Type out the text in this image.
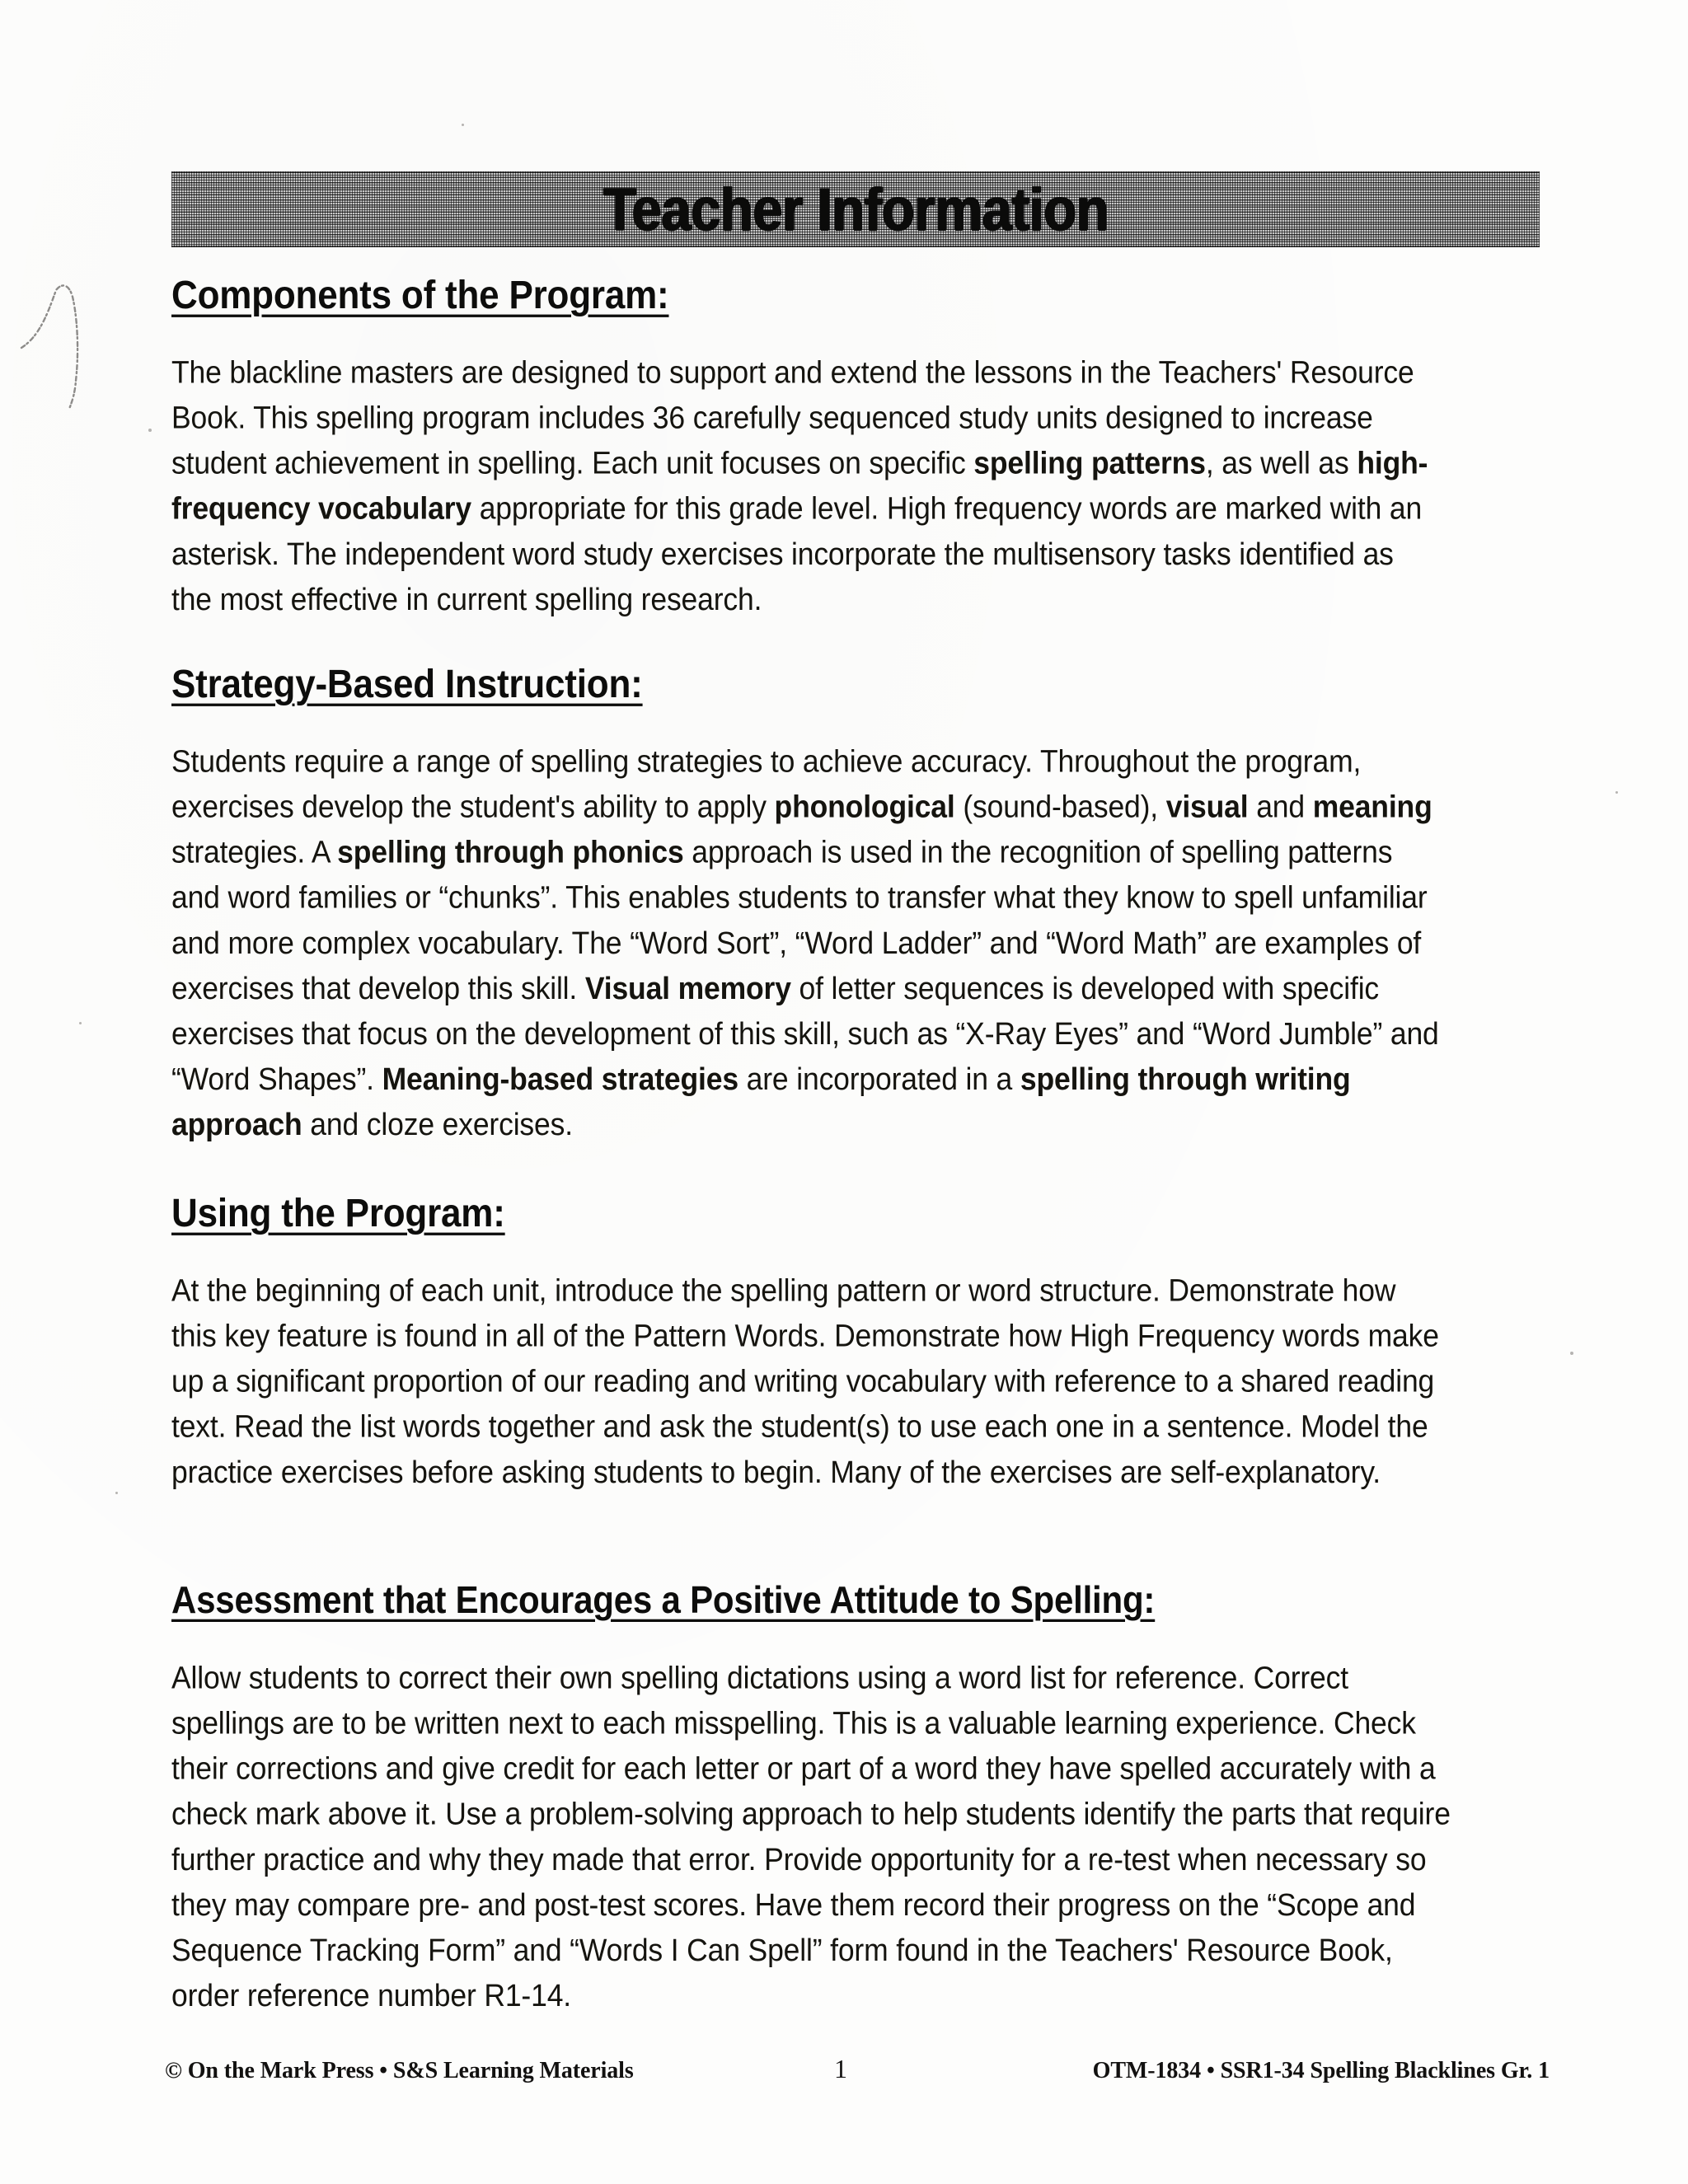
Teacher Information
Components of the Program:

The blackline masters are designed to support and extend the lessons in the Teachers' Resource Book. This spelling program includes 36 carefully sequenced study units designed to increase student achievement in spelling. Each unit focuses on specific spelling patterns, as well as high-frequency vocabulary appropriate for this grade level. High frequency words are marked with an asterisk. The independent word study exercises incorporate the multisensory tasks identified as the most effective in current spelling research.

Strategy-Based Instruction:

Students require a range of spelling strategies to achieve accuracy. Throughout the program, exercises develop the student's ability to apply phonological (sound-based), visual and meaning strategies. A spelling through phonics approach is used in the recognition of spelling patterns and word families or “chunks”. This enables students to transfer what they know to spell unfamiliar and more complex vocabulary. The “Word Sort”, “Word Ladder” and “Word Math” are examples of exercises that develop this skill. Visual memory of letter sequences is developed with specific exercises that focus on the development of this skill, such as “X-Ray Eyes” and “Word Jumble” and “Word Shapes”. Meaning-based strategies are incorporated in a spelling through writing approach and cloze exercises.

Using the Program:

At the beginning of each unit, introduce the spelling pattern or word structure. Demonstrate how this key feature is found in all of the Pattern Words. Demonstrate how High Frequency words make up a significant proportion of our reading and writing vocabulary with reference to a shared reading text. Read the list words together and ask the student(s) to use each one in a sentence. Model the practice exercises before asking students to begin. Many of the exercises are self-explanatory.

Assessment that Encourages a Positive Attitude to Spelling:

Allow students to correct their own spelling dictations using a word list for reference. Correct spellings are to be written next to each misspelling. This is a valuable learning experience. Check their corrections and give credit for each letter or part of a word they have spelled accurately with a check mark above it. Use a problem-solving approach to help students identify the parts that require further practice and why they made that error. Provide opportunity for a re-test when necessary so they may compare pre- and post-test scores. Have them record their progress on the “Scope and Sequence Tracking Form” and “Words I Can Spell” form found in the Teachers' Resource Book, order reference number R1-14.

© On the Mark Press • S&S Learning Materials	1	OTM-1834 • SSR1-34 Spelling Blacklines Gr. 1
